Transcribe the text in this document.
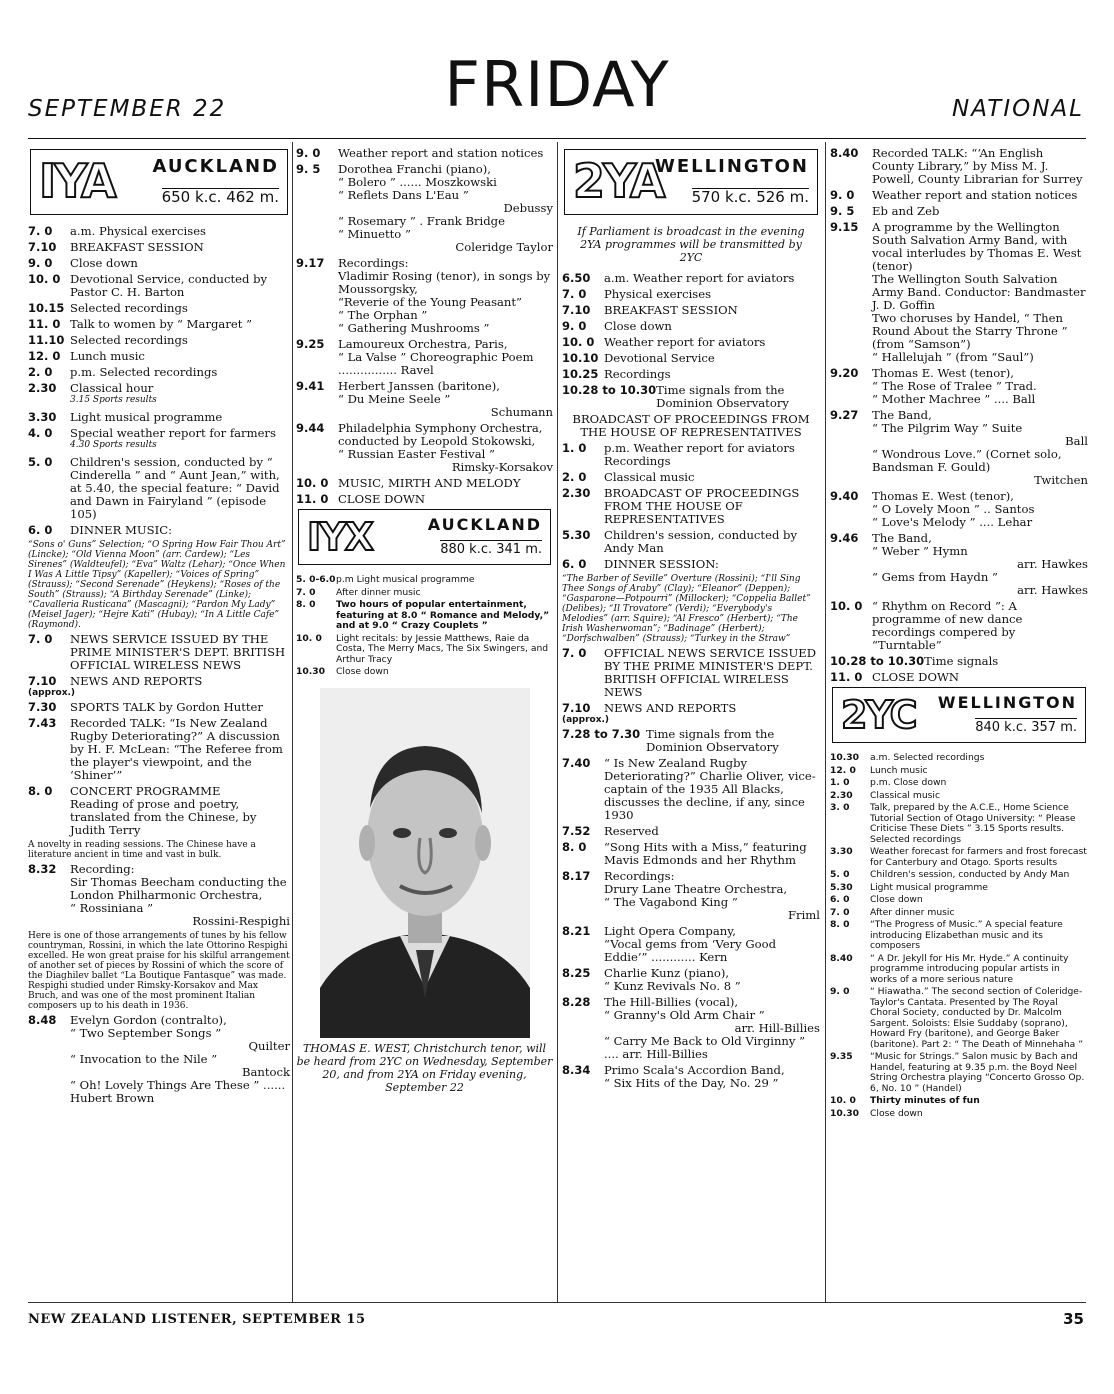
SEPTEMBER 22	FRIDAY	NATIONAL
IYA AUCKLAND
650 k.c. 462 m.
7. 0	a.m. Physical exercises
7.10	BREAKFAST SESSION
9. 0	Close down
10. 0 Devotional Service, conducted by Pastor C. H. Barton
10.15 Selected recordings
11. 0 Talk to women by “ Margaret ”
11.10 Selected recordings
12. 0 Lunch music
2. 0	p.m. Selected recordings
2.30	Classical hour
3.15 Sports results
3.30	Light musical programme
4. 0	Special weather report for farmers
4.30 Sports results
5. 0	Children's session, conducted by “ Cinderella ” and “ Aunt Jean,” with, at 5.40, the special feature: “ David and Dawn in Fairyland ” (episode 105)
6. 0	DINNER MUSIC:
“Sons o' Guns” Selection; “O Spring How Fair Thou Art” (Lincke); “Old Vienna Moon” (arr. Cardew); “Les Sirenes” (Waldteufel); “Eva” Waltz (Lehar); “Once When I Was A Little Tipsy” (Kapeller); “Voices of Spring” (Strauss); “Second Serenade” (Heykens); “Roses of the South” (Strauss); “A Birthday Serenade” (Linke); “Cavalleria Rusticana” (Mascagni); “Pardon My Lady” (Meisel Jager); “Hejre Kati” (Hubay); “In A Little Cafe” (Raymond).
7. 0	NEWS SERVICE ISSUED BY THE PRIME MINISTER'S DEPT. BRITISH OFFICIAL WIRELESS NEWS
7.10	NEWS AND REPORTS
(approx.)
7.30	SPORTS TALK by Gordon Hutter
7.43	Recorded TALK: “Is New Zealand Rugby Deteriorating?” A discussion by H. F. McLean: “The Referee from the player's viewpoint, and the ‘Shiner’”
8. 0	CONCERT PROGRAMME
Reading of prose and poetry, translated from the Chinese, by Judith Terry
A novelty in reading sessions. The Chinese have a literature ancient in time and vast in bulk.
8.32	Recording:
Sir Thomas Beecham conducting the London Philharmonic Orchestra,
“ Rossiniana ”
Rossini-Respighi
Here is one of those arrangements of tunes by his fellow countryman, Rossini, in which the late Ottorino Respighi excelled. He won great praise for his skilful arrangement of another set of pieces by Rossini of which the score of the Diaghilev ballet “La Boutique Fantasque” was made. Respighi studied under Rimsky-Korsakov and Max Bruch, and was one of the most prominent Italian composers up to his death in 1936.
8.48	Evelyn Gordon (contralto),
“ Two September Songs ”
Quilter
“ Invocation to the Nile ”
Bantock
“ Oh! Lovely Things Are These ” ...... Hubert Brown
9. 0	Weather report and station notices
9. 5	Dorothea Franchi (piano),
“ Bolero ” ...... Moszkowski
“ Reflets Dans L'Eau ”
Debussy
“ Rosemary ” . Frank Bridge
“ Minuetto ”
Coleridge Taylor
9.17	Recordings:
Vladimir Rosing (tenor), in songs by Moussorgsky,
“Reverie of the Young Peasant”
“ The Orphan ”
“ Gathering Mushrooms ”
9.25	Lamoureux Orchestra, Paris,
“ La Valse ” Choreographic Poem ................ Ravel
9.41	Herbert Janssen (baritone),
“ Du Meine Seele ”
Schumann
9.44	Philadelphia Symphony Orchestra, conducted by Leopold Stokowski,
“ Russian Easter Festival ”
Rimsky-Korsakov
10. 0 MUSIC, MIRTH AND MELODY
11. 0 CLOSE DOWN
IYX	AUCKLAND
880 k.c. 341 m.
5. 0-6.0 p.m Light musical programme
7. 0	After dinner music
8. 0	Two hours of popular entertainment, featuring at 8.0 “ Romance and Melody,” and at 9.0 “ Crazy Couplets ”
10. 0	Light recitals: by Jessie Matthews, Raie da Costa, The Merry Macs, The Six Swingers, and Arthur Tracy
10.30	Close down
THOMAS E. WEST, Christchurch tenor, will be heard from 2YC on Wednesday, September 20, and from 2YA on Friday evening, September 22
2YA
WELLINGTON
570 k.c. 526 m.
If Parliament is broadcast in the evening 2YA programmes will be transmitted by 2YC
6.50	a.m. Weather report for aviators
7. 0	Physical exercises
7.10	BREAKFAST SESSION
9. 0	Close down
10. 0 Weather report for aviators
10.10 Devotional Service
10.25 Recordings
10.28 to 10.30 Time signals from the Dominion Observatory
BROADCAST OF PROCEEDINGS FROM THE HOUSE OF REPRESENTATIVES
1. 0	p.m. Weather report for aviators
Recordings
2. 0	Classical music
2.30	BROADCAST OF PROCEEDINGS FROM THE HOUSE OF REPRESENTATIVES
5.30	Children's session, conducted by Andy Man
6. 0	DINNER SESSION:
“The Barber of Seville” Overture (Rossini); “I'll Sing Thee Songs of Araby” (Clay); “Eleanor” (Deppen); “Gasparone—Potpourri” (Millocker); “Coppelia Ballet” (Delibes); “Il Trovatore” (Verdi); “Everybody's Melodies” (arr. Squire); “Al Fresco” (Herbert); “The Irish Washerwoman”; “Badinage” (Herbert); “Dorfschwalben” (Strauss); “Turkey in the Straw”
7. 0	OFFICIAL NEWS SERVICE ISSUED BY THE PRIME MINISTER'S DEPT. BRITISH OFFICIAL WIRELESS NEWS
7.10	NEWS AND REPORTS
(approx.)
7.28 to 7.30 Time signals from the Dominion Observatory
7.40	“ Is New Zealand Rugby Deteriorating?” Charlie Oliver, vice-captain of the 1935 All Blacks, discusses the decline, if any, since 1930
7.52	Reserved
8. 0	“Song Hits with a Miss,” featuring Mavis Edmonds and her Rhythm
8.17	Recordings:
Drury Lane Theatre Orchestra,
“ The Vagabond King ”
Friml
8.21	Light Opera Company,
“Vocal gems from ‘Very Good Eddie’” ............ Kern
8.25	Charlie Kunz (piano),
“ Kunz Revivals No. 8 ”
8.28	The Hill-Billies (vocal),
“ Granny's Old Arm Chair ”
arr. Hill-Billies
“ Carry Me Back to Old Virginny ” .... arr. Hill-Billies
8.34	Primo Scala's Accordion Band,
“ Six Hits of the Day, No. 29 ”
8.40	Recorded TALK: “‘An English County Library,” by Miss M. J. Powell, County Librarian for Surrey
9. 0	Weather report and station notices
9. 5	Eb and Zeb
9.15	A programme by the Wellington South Salvation Army Band, with vocal interludes by Thomas E. West (tenor)
The Wellington South Salvation Army Band. Conductor: Bandmaster J. D. Goffin
Two choruses by Handel, “ Then Round About the Starry Throne ” (from “Samson”)
“ Hallelujah ” (from “Saul”)
9.20	Thomas E. West (tenor),
“ The Rose of Tralee ” Trad.
“ Mother Machree ” .... Ball
9.27	The Band,
“ The Pilgrim Way ” Suite
Ball
“ Wondrous Love.” (Cornet solo, Bandsman F. Gould)
Twitchen
9.40	Thomas E. West (tenor),
“ O Lovely Moon ” .. Santos
“ Love's Melody ” .... Lehar
9.46	The Band,
“ Weber ” Hymn
arr. Hawkes
“ Gems from Haydn ”
arr. Hawkes
10. 0 “ Rhythm on Record ”: A programme of new dance recordings compered by “Turntable”
10.28 to 10.30 Time signals
11. 0 CLOSE DOWN
2YC WELLINGTON
840 k.c. 357 m.
10.30	a.m. Selected recordings
12. 0	Lunch music
1. 0	p.m. Close down
2.30	Classical music
3. 0	Talk, prepared by the A.C.E., Home Science Tutorial Section of Otago University: “ Please Criticise These Diets ” 3.15 Sports results. Selected recordings
3.30	Weather forecast for farmers and frost forecast for Canterbury and Otago. Sports results
5. 0	Children's session, conducted by Andy Man
5.30	Light musical programme
6. 0	Close down
7. 0	After dinner music
8. 0	“The Progress of Music.” A special feature introducing Elizabethan music and its composers
8.40	“ A Dr. Jekyll for His Mr. Hyde.” A continuity programme introducing popular artists in works of a more serious nature
9. 0	“ Hiawatha.” The second section of Coleridge-Taylor's Cantata. Presented by The Royal Choral Society, conducted by Dr. Malcolm Sargent. Soloists: Elsie Suddaby (soprano), Howard Fry (baritone), and George Baker (baritone). Part 2: “ The Death of Minnehaha ”
9.35	“Music for Strings.” Salon music by Bach and Handel, featuring at 9.35 p.m. the Boyd Neel String Orchestra playing “Concerto Grosso Op. 6, No. 10 ” (Handel)
10. 0	Thirty minutes of fun
10.30	Close down
NEW ZEALAND LISTENER, SEPTEMBER 15	35
